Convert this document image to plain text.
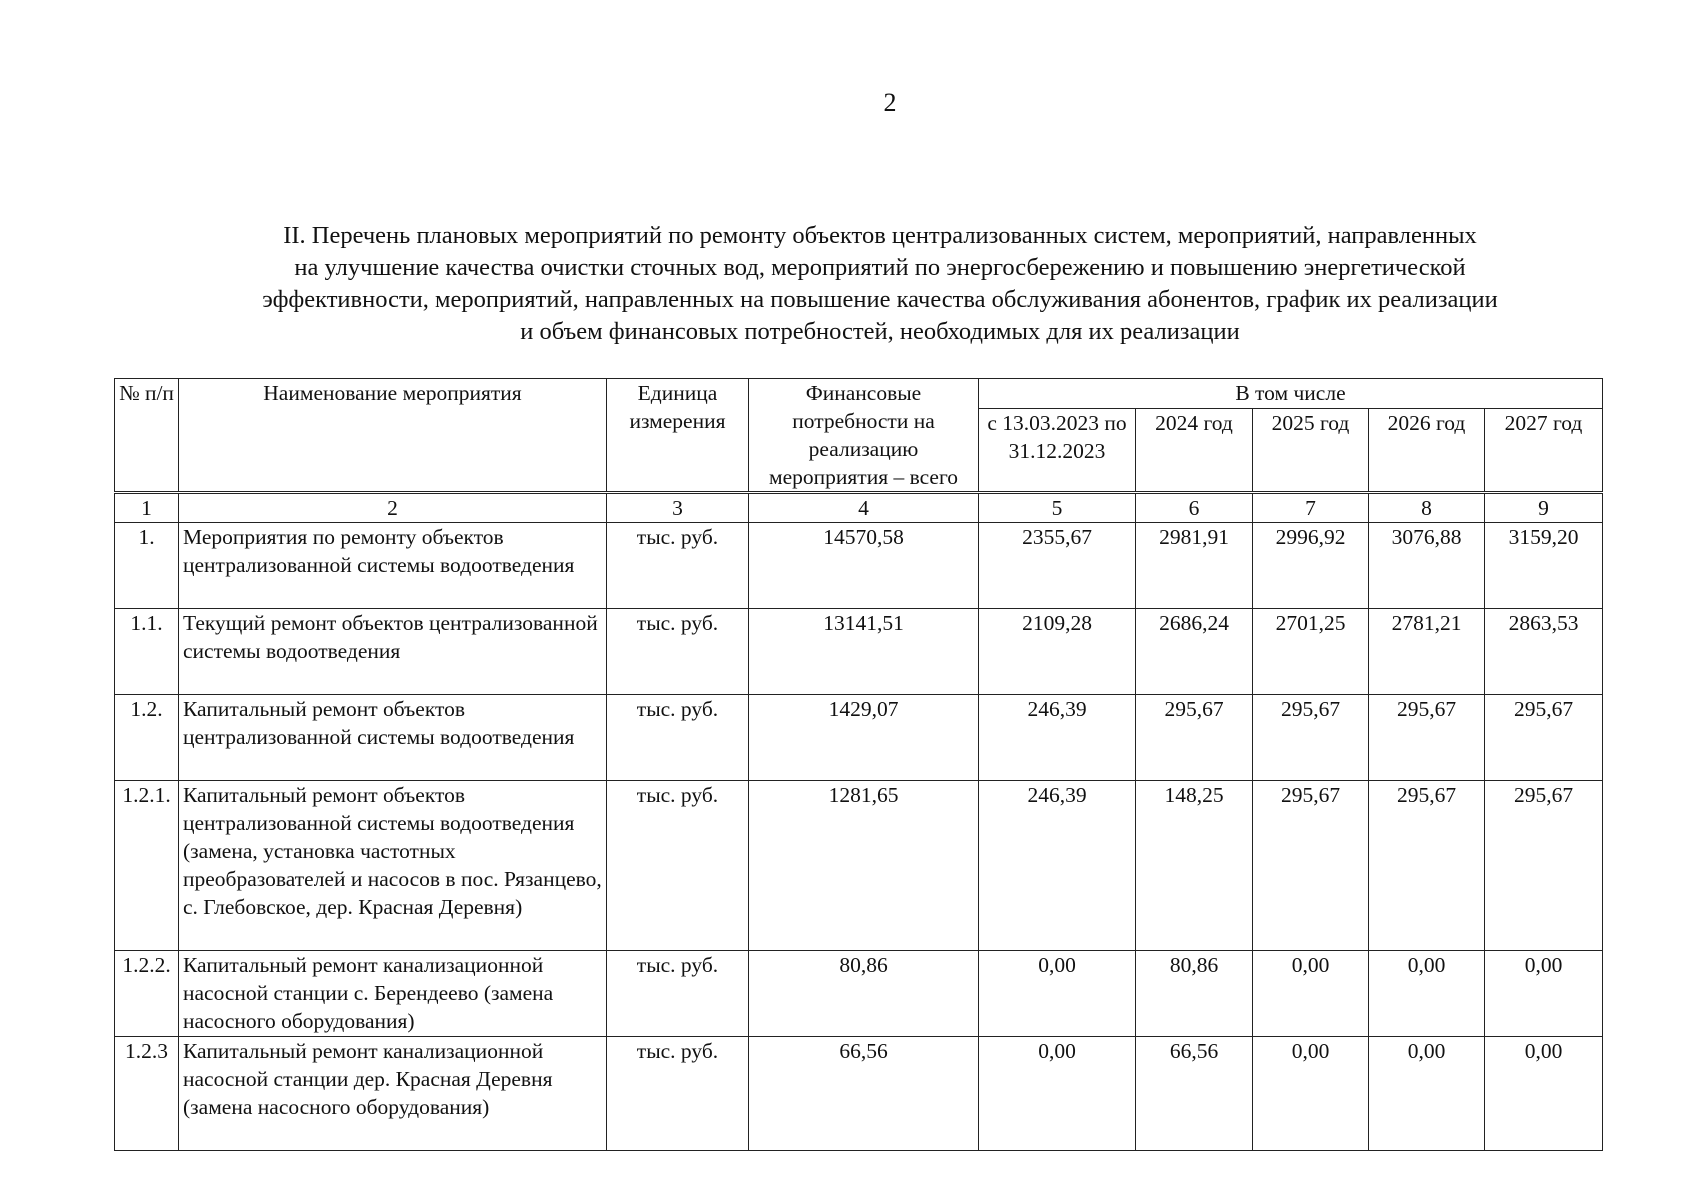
2
II. Перечень плановых мероприятий по ремонту объектов централизованных систем, мероприятий, направленных
на улучшение качества очистки сточных вод, мероприятий по энергосбережению и повышению энергетической
эффективности, мероприятий, направленных на повышение качества обслуживания абонентов, график их реализации
и объем финансовых потребностей, необходимых для их реализации
№ п/п	Наименование мероприятия	Единица измерения	Финансовые потребности на реализацию мероприятия – всего	В том числе				
				с 13.03.2023 по 31.12.2023	2024 год	2025 год	2026 год	2027 год
1	2	3	4	5	6	7	8	9
1.	Мероприятия по ремонту объектов централизованной системы водоотведения	тыс. руб.	14570,58	2355,67	2981,91	2996,92	3076,88	3159,20
1.1.	Текущий ремонт объектов централизованной системы водоотведения	тыс. руб.	13141,51	2109,28	2686,24	2701,25	2781,21	2863,53
1.2.	Капитальный ремонт объектов централизованной системы водоотведения	тыс. руб.	1429,07	246,39	295,67	295,67	295,67	295,67
1.2.1.	Капитальный ремонт объектов централизованной системы водоотведения (замена, установка частотных преобразователей и насосов в пос. Рязанцево, с. Глебовское, дер. Красная Деревня)	тыс. руб.	1281,65	246,39	148,25	295,67	295,67	295,67
1.2.2.	Капитальный ремонт канализационной насосной станции с. Берендеево (замена насосного оборудования)	тыс. руб.	80,86	0,00	80,86	0,00	0,00	0,00
1.2.3	Капитальный ремонт канализационной насосной станции дер. Красная Деревня (замена насосного оборудования)	тыс. руб.	66,56	0,00	66,56	0,00	0,00	0,00
